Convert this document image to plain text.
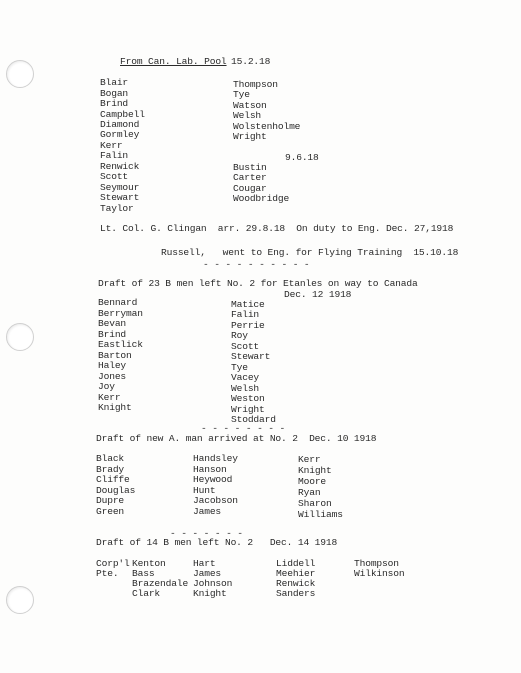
From Can. Lab. Pool 15.2.18
Blair
Bogan
Brind
Campbell
Diamond
Gormley
Kerr
Falin
Renwick
Scott
Seymour
Stewart
Taylor
Thompson
Tye
Watson
Welsh
Wolstenholme
Wright
9.6.18
Bustin
Carter
Cougar
Woodbridge
Lt. Col. G. Clingan  arr. 29.8.18  On duty to Eng. Dec. 27,1918
Russell,   went to Eng. for Flying Training  15.10.18
- - - - - - - - - -
Draft of 23 B men left No. 2 for Etanles on way to Canada
Dec. 12 1918
Bennard
Berryman
Bevan
Brind
Eastlick
Barton
Haley
Jones
Joy
Kerr
Knight
Matice
Falin
Perrie
Roy
Scott
Stewart
Tye
Vacey
Welsh
Weston
Wright
Stoddard
- - - - - - - -
Draft of new A. man arrived at No. 2  Dec. 10 1918
Black
Brady
Cliffe
Douglas
Dupre
Green
Handsley
Hanson
Heywood
Hunt
Jacobson
James
Kerr
Knight
Moore
Ryan
Sharon
Williams
- - - - - - -
Draft of 14 B men left No. 2   Dec. 14 1918
Corp'l
Pte.
Kenton
Bass
Brazendale
Clark
Hart
James
Johnson
Knight
Liddell
Meehier
Renwick
Sanders
Thompson
Wilkinson
